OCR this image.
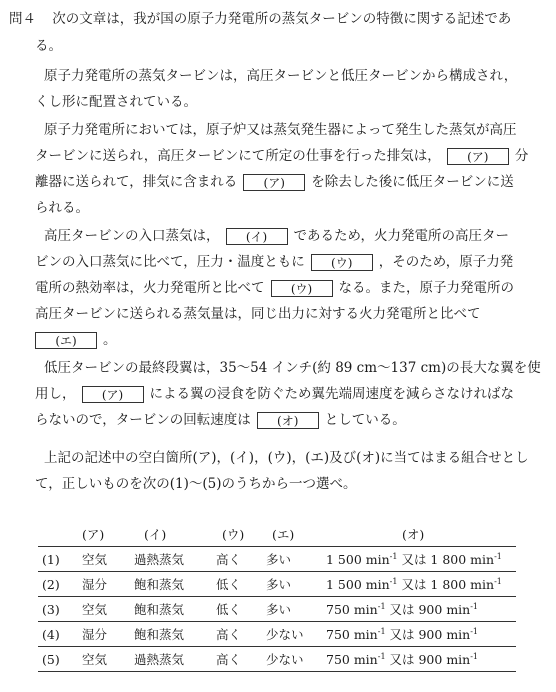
問４ 次の文章は，我が国の原子力発電所の蒸気タービンの特徴に関する記述であ
る。
原子力発電所の蒸気タービンは，高圧タービンと低圧タービンから構成され，
くし形に配置されている。
原子力発電所においては，原子炉又は蒸気発生器によって発生した蒸気が高圧
タービンに送られ，高圧タービンにて所定の仕事を行った排気は， (ア) 分
離器に送られて，排気に含まれる (ア) を除去した後に低圧タービンに送
られる。
高圧タービンの入口蒸気は， (イ) であるため，火力発電所の高圧ター
ビンの入口蒸気に比べて，圧力・温度ともに (ウ) ，そのため，原子力発
電所の熱効率は，火力発電所と比べて (ウ) なる。また，原子力発電所の
高圧タービンに送られる蒸気量は，同じ出力に対する火力発電所と比べて
(エ) 。
低圧タービンの最終段翼は，35～54 インチ(約 89 cm～137 cm)の長大な翼を使
用し， (ア) による翼の浸食を防ぐため翼先端周速度を減らさなければな
らないので，タービンの回転速度は (オ) としている。
上記の記述中の空白箇所(ア)，(イ)，(ウ)，(エ)及び(オ)に当てはまる組合せとし
て，正しいものを次の(1)～(5)のうちから一つ選べ。
	(ア)	(イ)	(ウ)	(エ)	(オ)
(1)	空気	過熱蒸気	高く	多い	1 500 $\min^{-1}$ 又は 1 800 $\min^{-1}$
(2)	湿分	飽和蒸気	低く	多い	1 500 $\min^{-1}$ 又は 1 800 $\min^{-1}$
(3)	空気	飽和蒸気	低く	多い	750 $\min^{-1}$ 又は 900 $\min^{-1}$
(4)	湿分	飽和蒸気	高く	少ない	750 $\min^{-1}$ 又は 900 $\min^{-1}$
(5)	空気	過熱蒸気	高く	少ない	750 $\min^{-1}$ 又は 900 $\min^{-1}$
